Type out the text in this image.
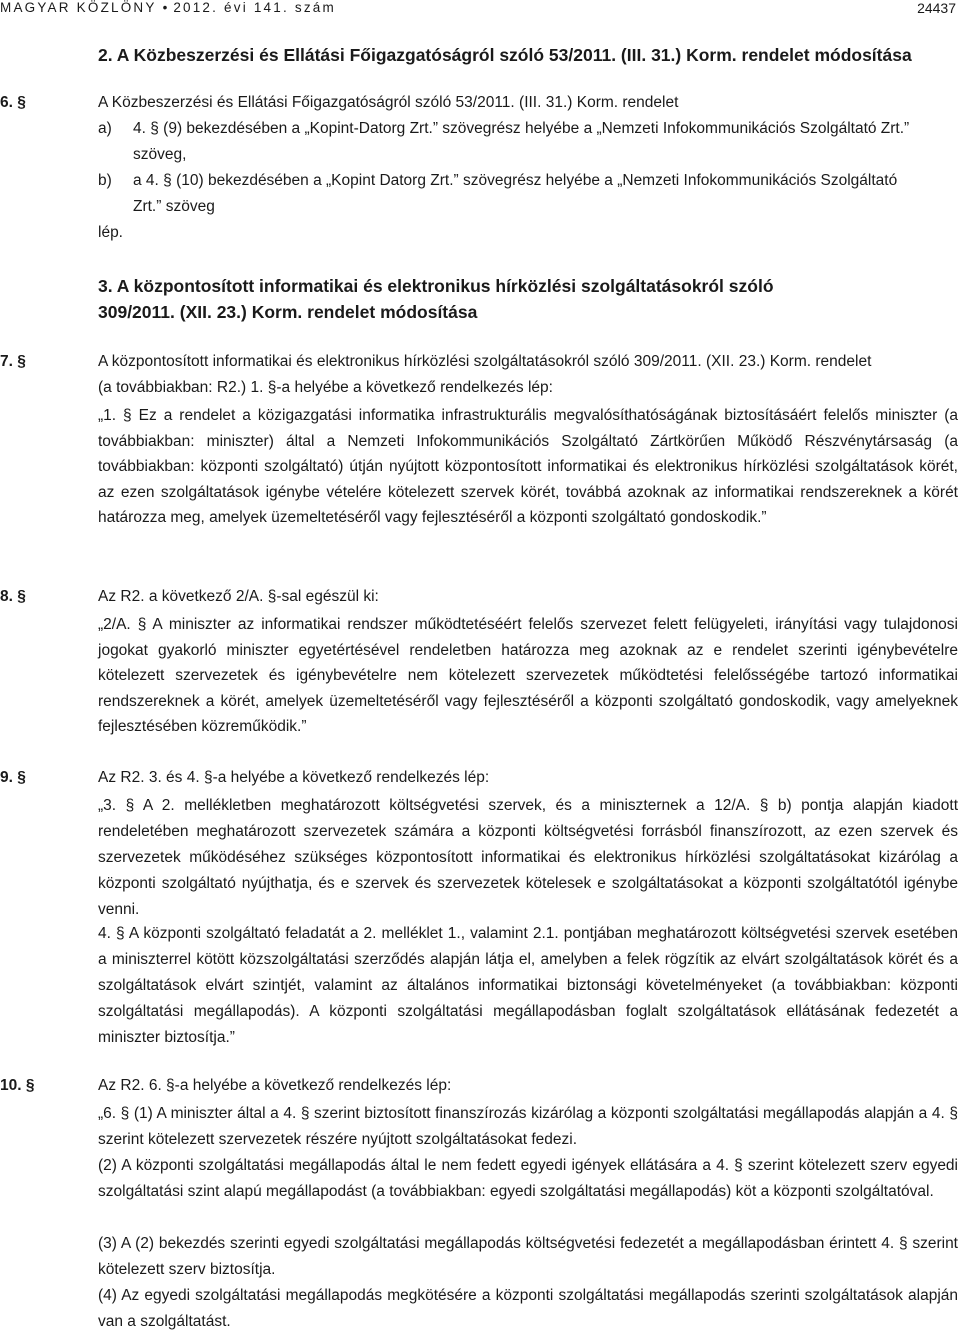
MAGYAR KÖZLÖNY • 2012. évi 141. szám	24437
2. A Közbeszerzési és Ellátási Főigazgatóságról szóló 53/2011. (III. 31.) Korm. rendelet módosítása
6. §	A Közbeszerzési és Ellátási Főigazgatóságról szóló 53/2011. (III. 31.) Korm. rendelet
a) 4. § (9) bekezdésében a „Kopint-Datorg Zrt.” szövegrész helyébe a „Nemzeti Infokommunikációs Szolgáltató Zrt.”
szöveg,
b) a 4. § (10) bekezdésében a „Kopint Datorg Zrt.” szövegrész helyébe a „Nemzeti Infokommunikációs Szolgáltató
Zrt.” szöveg
lép.
3. A központosított informatikai és elektronikus hírközlési szolgáltatásokról szóló
309/2011. (XII. 23.) Korm. rendelet módosítása
7. §	A központosított informatikai és elektronikus hírközlési szolgáltatásokról szóló 309/2011. (XII. 23.) Korm. rendelet
(a továbbiakban: R2.) 1. §-a helyébe a következő rendelkezés lép:
„1. § Ez a rendelet a közigazgatási informatika infrastrukturális megvalósíthatóságának biztosításáért felelős miniszter (a továbbiakban: miniszter) által a Nemzeti Infokommunikációs Szolgáltató Zártkörűen Működő Részvénytársaság (a továbbiakban: központi szolgáltató) útján nyújtott központosított informatikai és elektronikus hírközlési szolgáltatások körét, az ezen szolgáltatások igénybe vételére kötelezett szervek körét, továbbá azoknak az informatikai rendszereknek a körét határozza meg, amelyek üzemeltetéséről vagy fejlesztéséről a központi szolgáltató gondoskodik.”
8. §	Az R2. a következő 2/A. §-sal egészül ki:
„2/A. § A miniszter az informatikai rendszer működtetéséért felelős szervezet felett felügyeleti, irányítási vagy tulajdonosi jogokat gyakorló miniszter egyetértésével rendeletben határozza meg azoknak az e rendelet szerinti igénybevételre kötelezett szervezetek és igénybevételre nem kötelezett szervezetek működtetési felelősségébe tartozó informatikai rendszereknek a körét, amelyek üzemeltetéséről vagy fejlesztéséről a központi szolgáltató gondoskodik, vagy amelyeknek fejlesztésében közreműködik.”
9. §	Az R2. 3. és 4. §-a helyébe a következő rendelkezés lép:
„3. § A 2. mellékletben meghatározott költségvetési szervek, és a miniszternek a 12/A. § b) pontja alapján kiadott rendeletében meghatározott szervezetek számára a központi költségvetési forrásból finanszírozott, az ezen szervek és szervezetek működéséhez szükséges központosított informatikai és elektronikus hírközlési szolgáltatásokat kizárólag a központi szolgáltató nyújthatja, és e szervek és szervezetek kötelesek e szolgáltatásokat a központi szolgáltatótól igénybe venni.
4. § A központi szolgáltató feladatát a 2. melléklet 1., valamint 2.1. pontjában meghatározott költségvetési szervek esetében a miniszterrel kötött közszolgáltatási szerződés alapján látja el, amelyben a felek rögzítik az elvárt szolgáltatások körét és a szolgáltatások elvárt szintjét, valamint az általános informatikai biztonsági követelményeket (a továbbiakban: központi szolgáltatási megállapodás). A központi szolgáltatási megállapodásban foglalt szolgáltatások ellátásának fedezetét a miniszter biztosítja.”
10. §	Az R2. 6. §-a helyébe a következő rendelkezés lép:
„6. § (1) A miniszter által a 4. § szerint biztosított finanszírozás kizárólag a központi szolgáltatási megállapodás alapján a 4. § szerint kötelezett szervezetek részére nyújtott szolgáltatásokat fedezi.
(2) A központi szolgáltatási megállapodás által le nem fedett egyedi igények ellátására a 4. § szerint kötelezett szerv egyedi szolgáltatási szint alapú megállapodást (a továbbiakban: egyedi szolgáltatási megállapodás) köt a központi szolgáltatóval.
(3) A (2) bekezdés szerinti egyedi szolgáltatási megállapodás költségvetési fedezetét a megállapodásban érintett 4. § szerint kötelezett szerv biztosítja.
(4) Az egyedi szolgáltatási megállapodás megkötésére a központi szolgáltatási megállapodás szerinti szolgáltatások alapján van a szolgáltatást.
